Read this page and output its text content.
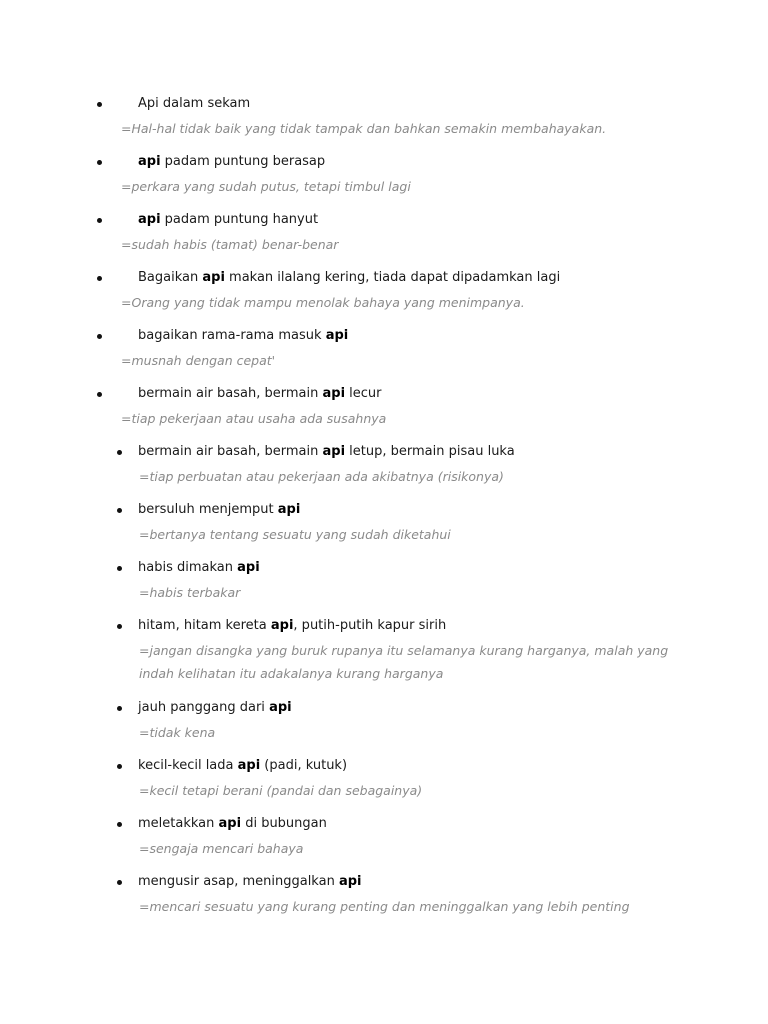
Api dalam sekam
=Hal-hal tidak baik yang tidak tampak dan bahkan semakin membahayakan.
api padam puntung berasap
=perkara yang sudah putus, tetapi timbul lagi
api padam puntung hanyut
=sudah habis (tamat) benar-benar
Bagaikan api makan ilalang kering, tiada dapat dipadamkan lagi
=Orang yang tidak mampu menolak bahaya yang menimpanya.
bagaikan rama-rama masuk api
=musnah dengan cepat'
bermain air basah, bermain api lecur
=tiap pekerjaan atau usaha ada susahnya
bermain air basah, bermain api letup, bermain pisau luka
=tiap perbuatan atau pekerjaan ada akibatnya (risikonya)
bersuluh menjemput api
=bertanya tentang sesuatu yang sudah diketahui
habis dimakan api
=habis terbakar
hitam, hitam kereta api, putih-putih kapur sirih
=jangan disangka yang buruk rupanya itu selamanya kurang harganya, malah yang indah kelihatan itu adakalanya kurang harganya
jauh panggang dari api
=tidak kena
kecil-kecil lada api (padi, kutuk)
=kecil tetapi berani (pandai dan sebagainya)
meletakkan api di bubungan
=sengaja mencari bahaya
mengusir asap, meninggalkan api
=mencari sesuatu yang kurang penting dan meninggalkan yang lebih penting
